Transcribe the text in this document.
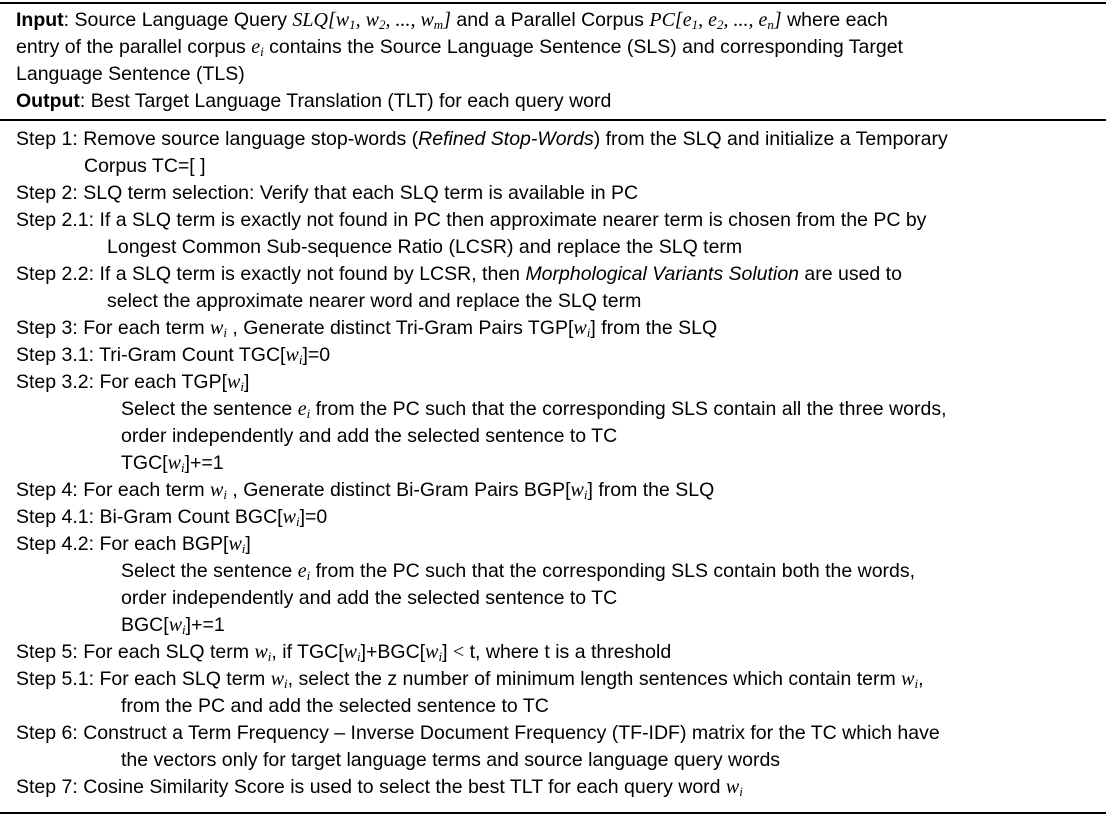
Input: Source Language Query $SLQ[w_1$, $w_2$, ..., $w_m$] and a Parallel Corpus $PC[e_1$, $e_2$, ..., $e_n$] where each
entry of the parallel corpus $e_i$ contains the Source Language Sentence (SLS) and corresponding Target
Language Sentence (TLS)
Output: Best Target Language Translation (TLT) for each query word
Step 1: Remove source language stop-words (Refined Stop-Words) from the SLQ and initialize a Temporary
Corpus TC=[ ]
Step 2: SLQ term selection: Verify that each SLQ term is available in PC
Step 2.1: If a SLQ term is exactly not found in PC then approximate nearer term is chosen from the PC by
Longest Common Sub-sequence Ratio (LCSR) and replace the SLQ term
Step 2.2: If a SLQ term is exactly not found by LCSR, then Morphological Variants Solution are used to
select the approximate nearer word and replace the SLQ term
Step 3: For each term $w_i$ , Generate distinct Tri-Gram Pairs $TGP[w_i]$ from the SLQ
Step 3.1: Tri-Gram Count $TGC[w_i]=0$
Step 3.2: For each $TGP[w_i]$
Select the sentence $e_i$ from the PC such that the corresponding SLS contain all the three words,
order independently and add the selected sentence to TC
$TGC[w_i]+=1$
Step 4: For each term $w_i$ , Generate distinct Bi-Gram Pairs $BGP[w_i]$ from the SLQ
Step 4.1: Bi-Gram Count $BGC[w_i]=0$
Step 4.2: For each $BGP[w_i]$
Select the sentence $e_i$ from the PC such that the corresponding SLS contain both the words,
order independently and add the selected sentence to TC
$BGC[w_i]+=1$
Step 5: For each SLQ term $w_i$, if $TGC[w_i]+BGC[w_i] < t$, where t is a threshold
Step 5.1: For each SLQ term $w_i$, select the z number of minimum length sentences which contain term $w_i$,
from the PC and add the selected sentence to TC
Step 6: Construct a Term Frequency – Inverse Document Frequency (TF-IDF) matrix for the TC which have
the vectors only for target language terms and source language query words
Step 7: Cosine Similarity Score is used to select the best TLT for each query word $w_i$
